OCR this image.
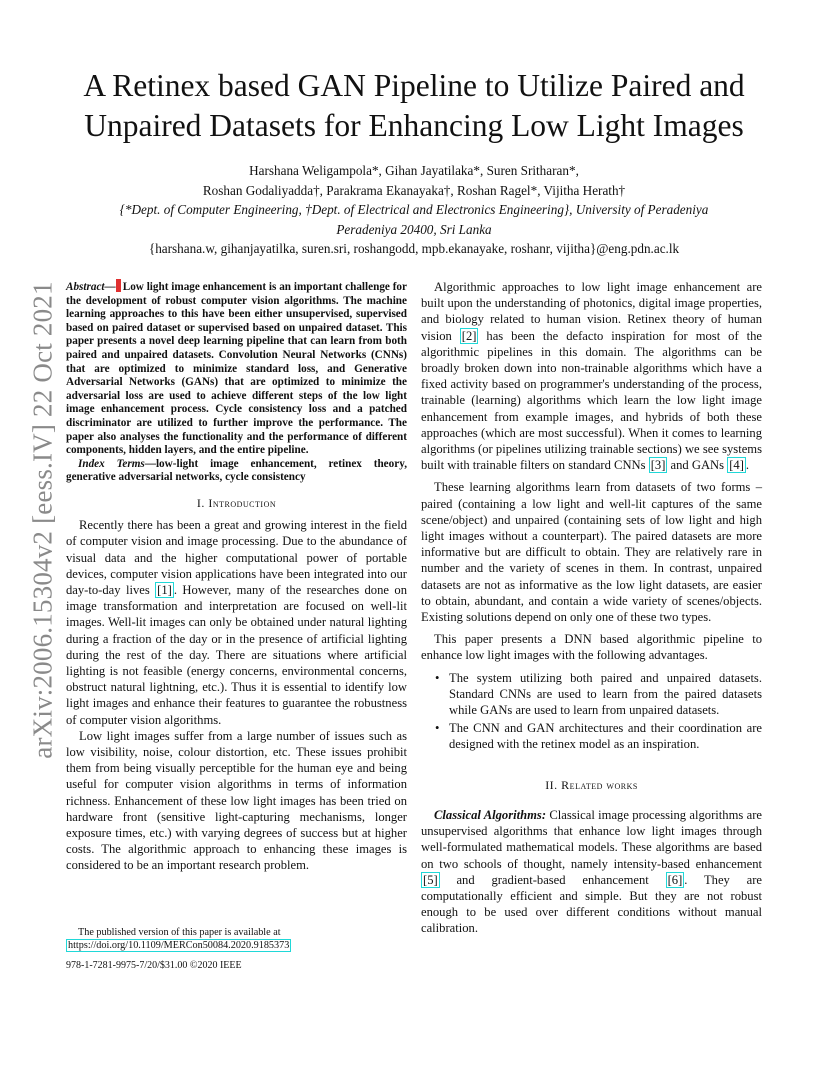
arXiv:2006.15304v2 [eess.IV] 22 Oct 2021
A Retinex based GAN Pipeline to Utilize Paired and Unpaired Datasets for Enhancing Low Light Images

Harshana Weligampola*, Gihan Jayatilaka*, Suren Sritharan*,

Roshan Godaliyadda†, Parakrama Ekanayaka†, Roshan Ragel*, Vijitha Herath†

{*Dept. of Computer Engineering, †Dept. of Electrical and Electronics Engineering}, University of Peradeniya

Peradeniya 20400, Sri Lanka

{harshana.w, gihanjayatilka, suren.sri, roshangodd, mpb.ekanayake, roshanr, vijitha}@eng.pdn.ac.lk

Abstract— Low light image enhancement is an important challenge for the development of robust computer vision algorithms. The machine learning approaches to this have been either unsupervised, supervised based on paired dataset or supervised based on unpaired dataset. This paper presents a novel deep learning pipeline that can learn from both paired and unpaired datasets. Convolution Neural Networks (CNNs) that are optimized to minimize standard loss, and Generative Adversarial Networks (GANs) that are optimized to minimize the adversarial loss are used to achieve different steps of the low light image enhancement process. Cycle consistency loss and a patched discriminator are utilized to further improve the performance. The paper also analyses the functionality and the performance of different components, hidden layers, and the entire pipeline.

Index Terms—low-light image enhancement, retinex theory, generative adversarial networks, cycle consistency

I. Introduction

Recently there has been a great and growing interest in the field of computer vision and image processing. Due to the abundance of visual data and the higher computational power of portable devices, computer vision applications have been integrated into our day-to-day lives [1] . However, many of the researches done on image transformation and interpretation are focused on well-lit images. Well-lit images can only be obtained under natural lighting during a fraction of the day or in the presence of artificial lighting during the rest of the day. There are situations where artificial lighting is not feasible (energy concerns, environmental concerns, obstruct natural lightning, etc.). Thus it is essential to identify low light images and enhance their features to guarantee the robustness of computer vision algorithms.

Low light images suffer from a large number of issues such as low visibility, noise, colour distortion, etc. These issues prohibit them from being visually perceptible for the human eye and being useful for computer vision algorithms in terms of information richness. Enhancement of these low light images has been tried on hardware front (sensitive light-capturing mechanisms, longer exposure times, etc.) with varying degrees of success but at higher costs. The algorithmic approach to enhancing these images is considered to be an important research problem.

Algorithmic approaches to low light image enhancement are built upon the understanding of photonics, digital image properties, and biology related to human vision. Retinex theory of human vision [2] has been the defacto inspiration for most of the algorithmic pipelines in this domain. The algorithms can be broadly broken down into non-trainable algorithms which have a fixed activity based on programmer's understanding of the process, trainable (learning) algorithms which learn the low light image enhancement from example images, and hybrids of both these approaches (which are most successful). When it comes to learning algorithms (or pipelines utilizing trainable sections) we see systems built with trainable filters on standard CNNs [3] and GANs [4] .

These learning algorithms learn from datasets of two forms – paired (containing a low light and well-lit captures of the same scene/object) and unpaired (containing sets of low light and high light images without a counterpart). The paired datasets are more informative but are difficult to obtain. They are relatively rare in number and the variety of scenes in them. In contrast, unpaired datasets are not as informative as the low light datasets, are easier to obtain, abundant, and contain a wide variety of scenes/objects. Existing solutions depend on only one of these two types.

This paper presents a DNN based algorithmic pipeline to enhance low light images with the following advantages.

• The system utilizing both paired and unpaired datasets. Standard CNNs are used to learn from the paired datasets while GANs are used to learn from unpaired datasets.
• The CNN and GAN architectures and their coordination are designed with the retinex model as an inspiration.

II. Related works

Classical Algorithms: Classical image processing algorithms are unsupervised algorithms that enhance low light images through well-formulated mathematical models. These algorithms are based on two schools of thought, namely intensity-based enhancement [5] and gradient-based enhancement [6] . They are computationally efficient and simple. But they are not robust enough to be used over different conditions without manual calibration.

The published version of this paper is available at https://doi.org/10.1109/MERCon50084.2020.9185373
978-1-7281-9975-7/20/$31.00 ©2020 IEEE
